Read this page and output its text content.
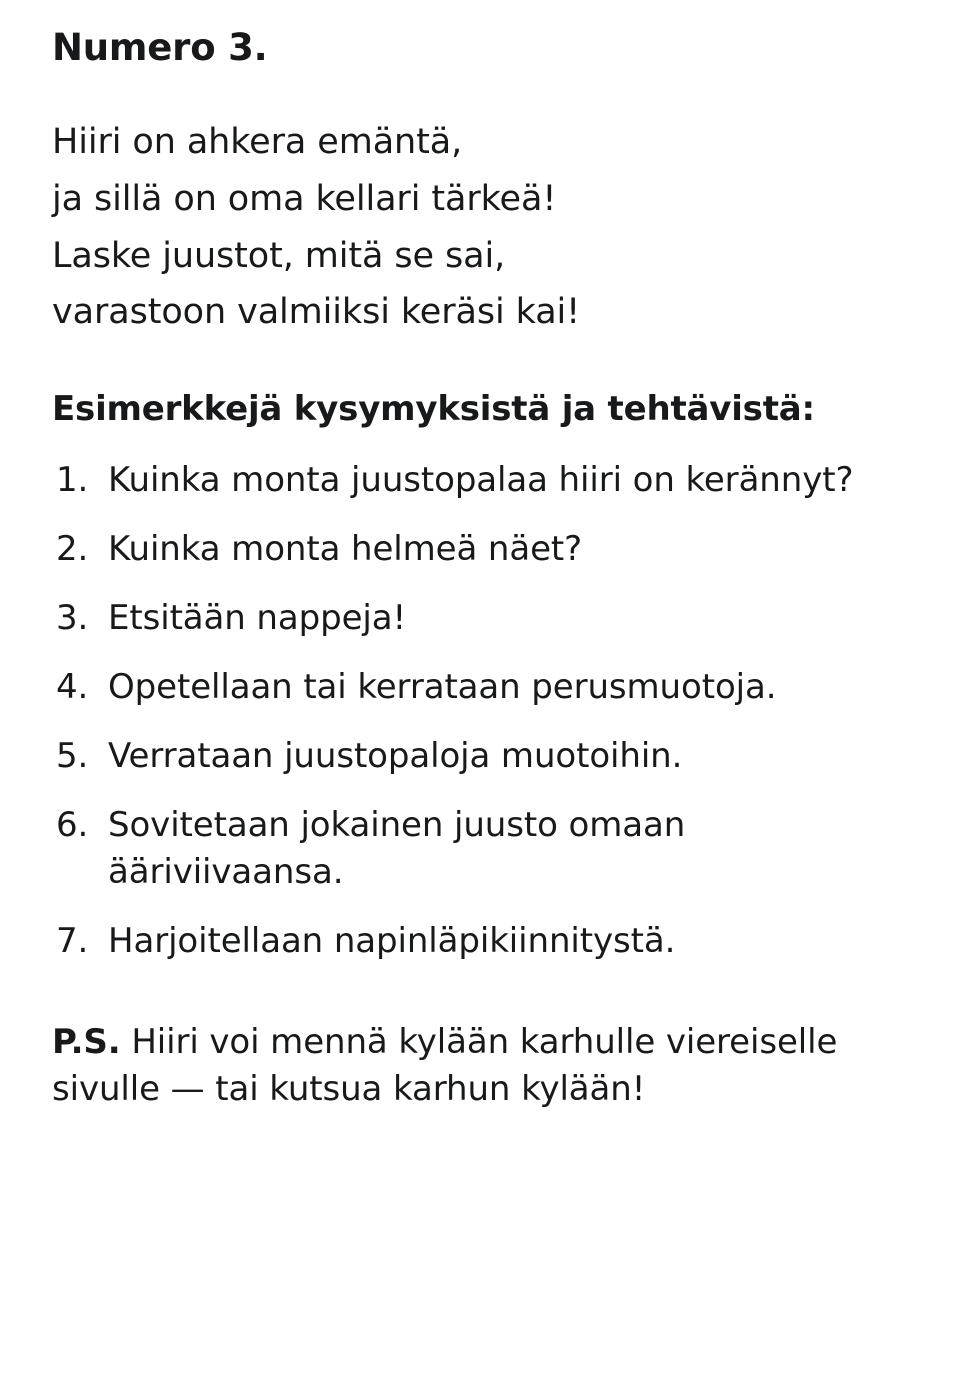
Numero 3.
Hiiri on ahkera emäntä,
ja sillä on oma kellari tärkeä!
Laske juustot, mitä se sai,
varastoon valmiiksi keräsi kai!
Esimerkkejä kysymyksistä ja tehtävistä:
1. Kuinka monta juustopalaa hiiri on kerännyt?
2. Kuinka monta helmeä näet?
3. Etsitään nappeja!
4. Opetellaan tai kerrataan perusmuotoja.
5. Verrataan juustopaloja muotoihin.
6. Sovitetaan jokainen juusto omaan ääriviivaansa.
7. Harjoitellaan napinläpikiinnitystä.

P.S. Hiiri voi mennä kylään karhulle viereiselle sivulle — tai kutsua karhun kylään!
